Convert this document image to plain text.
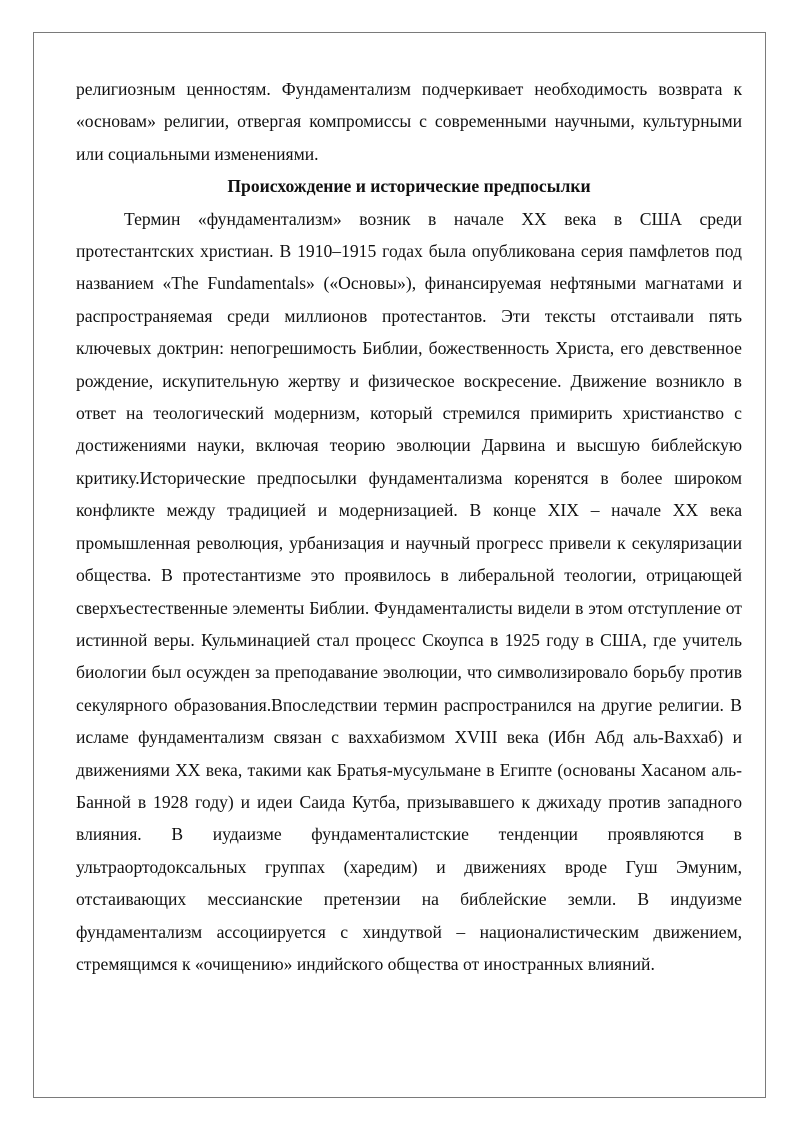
религиозным ценностям. Фундаментализм подчеркивает необходимость возврата к «основам» религии, отвергая компромиссы с современными научными, культурными или социальными изменениями.

Происхождение и исторические предпосылки

Термин «фундаментализм» возник в начале XX века в США среди протестантских христиан. В 1910–1915 годах была опубликована серия памфлетов под названием «The Fundamentals» («Основы»), финансируемая нефтяными магнатами и распространяемая среди миллионов протестантов. Эти тексты отстаивали пять ключевых доктрин: непогрешимость Библии, божественность Христа, его девственное рождение, искупительную жертву и физическое воскресение. Движение возникло в ответ на теологический модернизм, который стремился примирить христианство с достижениями науки, включая теорию эволюции Дарвина и высшую библейскую критику.Исторические предпосылки фундаментализма коренятся в более широком конфликте между традицией и модернизацией. В конце XIX – начале XX века промышленная революция, урбанизация и научный прогресс привели к секуляризации общества. В протестантизме это проявилось в либеральной теологии, отрицающей сверхъестественные элементы Библии. Фундаменталисты видели в этом отступление от истинной веры. Кульминацией стал процесс Скоупса в 1925 году в США, где учитель биологии был осужден за преподавание эволюции, что символизировало борьбу против секулярного образования.Впоследствии термин распространился на другие религии. В исламе фундаментализм связан с ваххабизмом XVIII века (Ибн Абд аль-Ваххаб) и движениями XX века, такими как Братья-мусульмане в Египте (основаны Хасаном аль-Банной в 1928 году) и идеи Саида Кутба, призывавшего к джихаду против западного влияния. В иудаизме фундаменталистские тенденции проявляются в ультраортодоксальных группах (харедим) и движениях вроде Гуш Эмуним, отстаивающих мессианские претензии на библейские земли. В индуизме фундаментализм ассоциируется с хиндутвой – националистическим движением, стремящимся к «очищению» индийского общества от иностранных влияний.
